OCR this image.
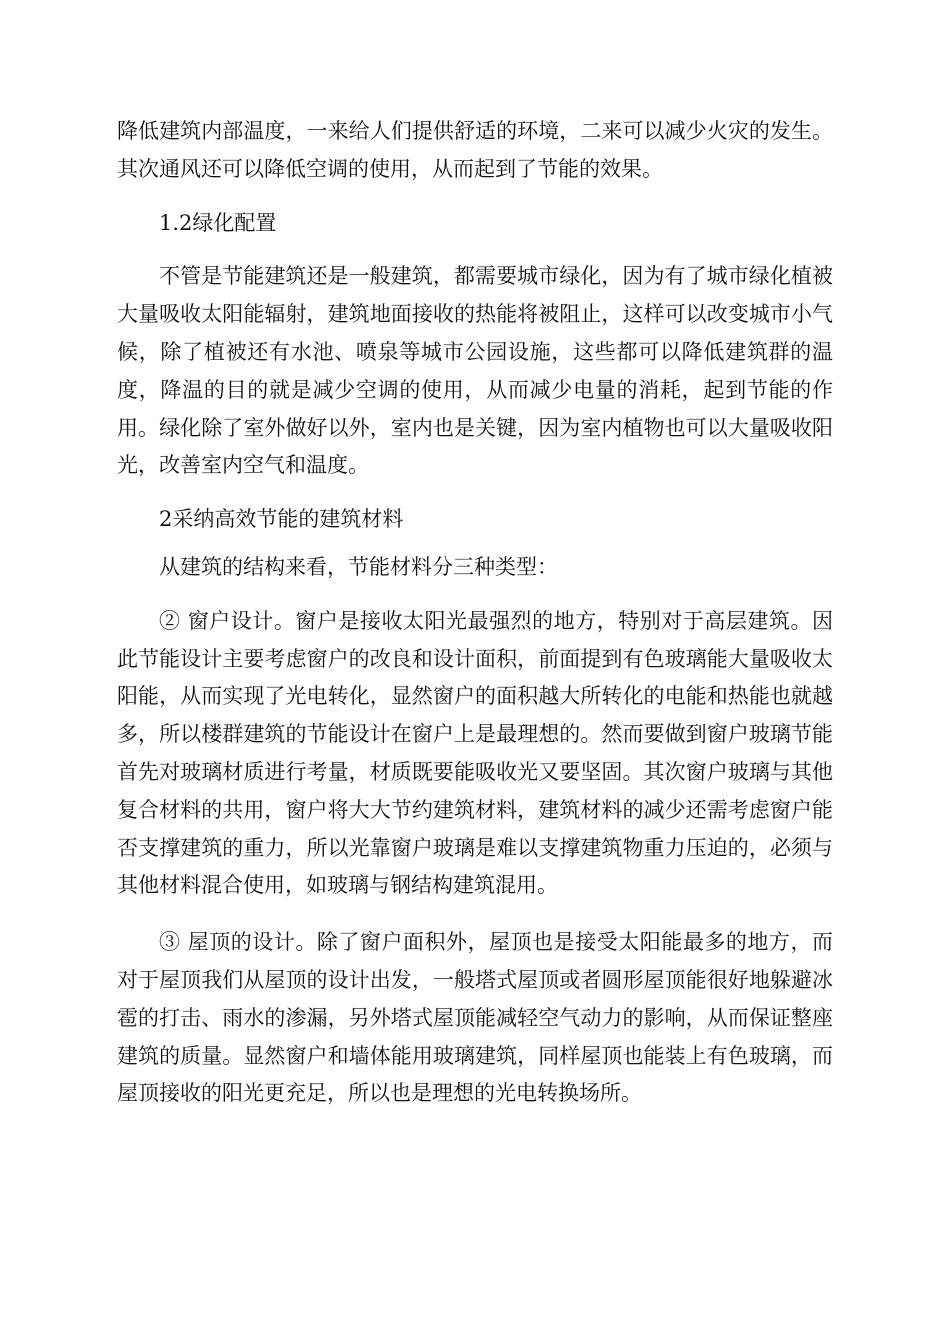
降低建筑内部温度，一来给人们提供舒适的环境，二来可以减少火灾的发生。其次通风还可以降低空调的使用，从而起到了节能的效果。

1.2绿化配置

不管是节能建筑还是一般建筑，都需要城市绿化，因为有了城市绿化植被大量吸收太阳能辐射，建筑地面接收的热能将被阻止，这样可以改变城市小气候，除了植被还有水池、喷泉等城市公园设施，这些都可以降低建筑群的温度，降温的目的就是减少空调的使用，从而减少电量的消耗，起到节能的作用。绿化除了室外做好以外，室内也是关键，因为室内植物也可以大量吸收阳光，改善室内空气和温度。

2采纳高效节能的建筑材料

从建筑的结构来看，节能材料分三种类型：

② 窗户设计。窗户是接收太阳光最强烈的地方，特别对于高层建筑。因此节能设计主要考虑窗户的改良和设计面积，前面提到有色玻璃能大量吸收太阳能，从而实现了光电转化，显然窗户的面积越大所转化的电能和热能也就越多，所以楼群建筑的节能设计在窗户上是最理想的。然而要做到窗户玻璃节能首先对玻璃材质进行考量，材质既要能吸收光又要坚固。其次窗户玻璃与其他复合材料的共用，窗户将大大节约建筑材料，建筑材料的减少还需考虑窗户能否支撑建筑的重力，所以光靠窗户玻璃是难以支撑建筑物重力压迫的，必须与其他材料混合使用，如玻璃与钢结构建筑混用。

③ 屋顶的设计。除了窗户面积外，屋顶也是接受太阳能最多的地方，而对于屋顶我们从屋顶的设计出发，一般塔式屋顶或者圆形屋顶能很好地躲避冰雹的打击、雨水的渗漏，另外塔式屋顶能减轻空气动力的影响，从而保证整座建筑的质量。显然窗户和墙体能用玻璃建筑，同样屋顶也能装上有色玻璃，而屋顶接收的阳光更充足，所以也是理想的光电转换场所。
